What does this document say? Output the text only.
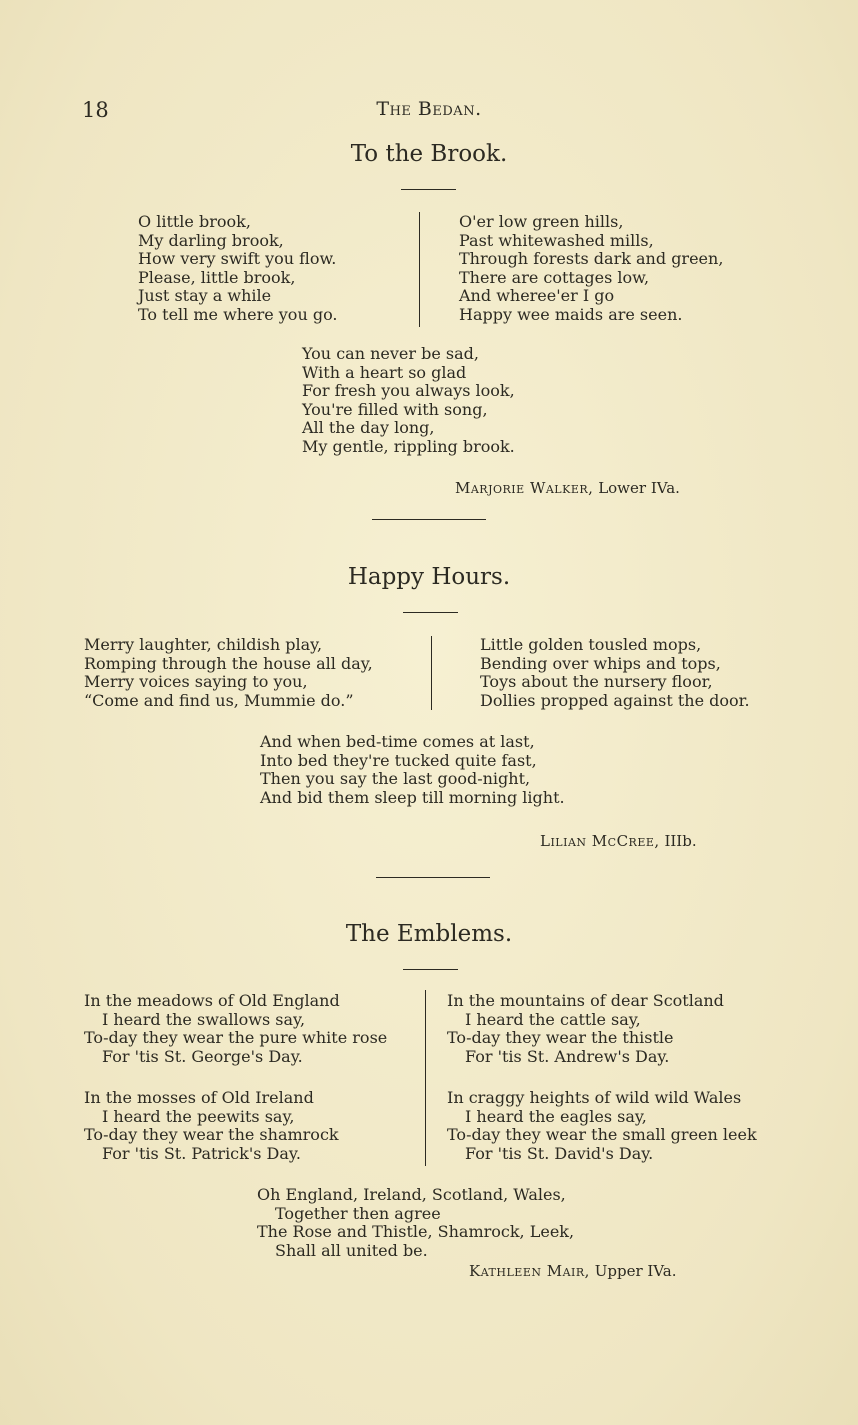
18	The Bedan.
To the Brook.
O little brook,
My darling brook,
How very swift you flow.
Please, little brook,
Just stay a while
To tell me where you go.
O'er low green hills,
Past whitewashed mills,
Through forests dark and green,
There are cottages low,
And wheree'er I go
Happy wee maids are seen.
You can never be sad,
With a heart so glad
For fresh you always look,
You're filled with song,
All the day long,
My gentle, rippling brook.
Marjorie Walker, Lower IVa.
Happy Hours.
Merry laughter, childish play,
Romping through the house all day,
Merry voices saying to you,
“Come and find us, Mummie do.”
Little golden tousled mops,
Bending over whips and tops,
Toys about the nursery floor,
Dollies propped against the door.
And when bed-time comes at last,
Into bed they're tucked quite fast,
Then you say the last good-night,
And bid them sleep till morning light.
Lilian McCree, IIIb.
The Emblems.
In the meadows of Old England
I heard the swallows say,
To-day they wear the pure white rose
For 'tis St. George's Day.
In the mosses of Old Ireland
I heard the peewits say,
To-day they wear the shamrock
For 'tis St. Patrick's Day.
In the mountains of dear Scotland
I heard the cattle say,
To-day they wear the thistle
For 'tis St. Andrew's Day.
In craggy heights of wild wild Wales
I heard the eagles say,
To-day they wear the small green leek
For 'tis St. David's Day.
Oh England, Ireland, Scotland, Wales,
Together then agree
The Rose and Thistle, Shamrock, Leek,
Shall all united be.
Kathleen Mair, Upper IVa.
